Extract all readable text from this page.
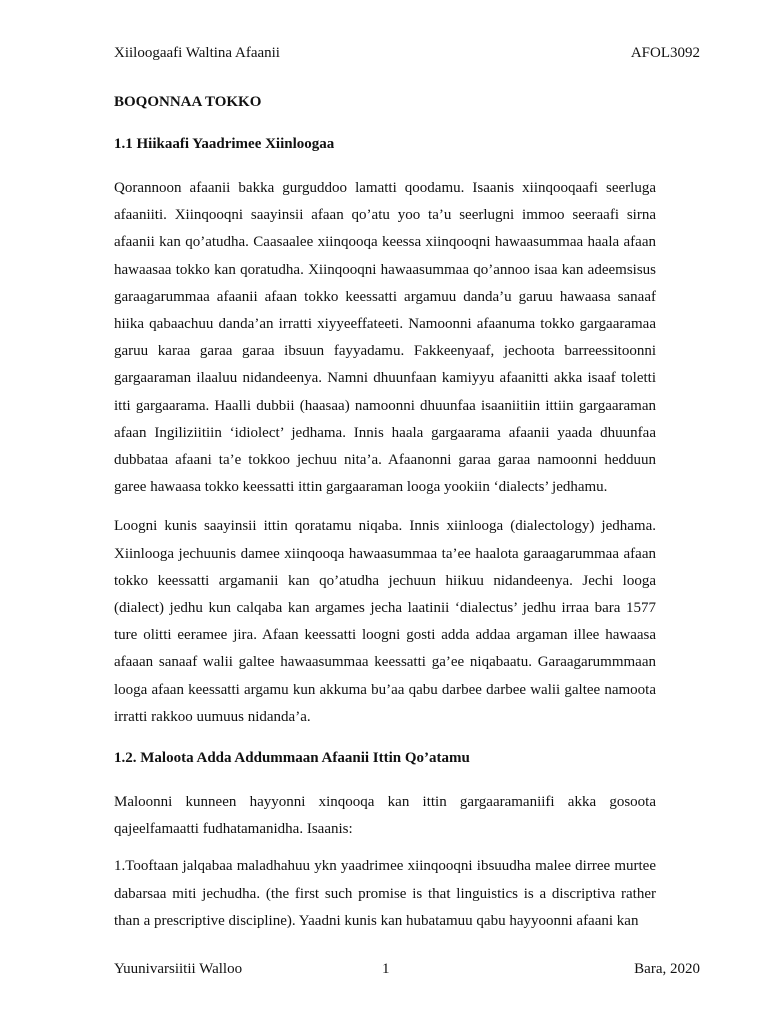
Xiiloogaafi Waltina Afaanii	AFOL3092
BOQONNAA TOKKO
1.1 Hiikaafi Yaadrimee Xiinloogaa

Qorannoon afaanii bakka gurguddoo lamatti qoodamu. Isaanis xiinqooqaafi seerluga afaaniiti. Xiinqooqni saayinsii afaan qo’atu yoo ta’u seerlugni immoo seeraafi sirna afaanii kan qo’atudha. Caasaalee xiinqooqa keessa xiinqooqni hawaasummaa haala afaan hawaasaa tokko kan qoratudha. Xiinqooqni hawaasummaa qo’annoo isaa kan adeemsisus garaagarummaa afaanii afaan tokko keessatti argamuu danda’u garuu hawaasa sanaaf hiika qabaachuu danda’an irratti xiyyeeffateeti. Namoonni afaanuma tokko gargaaramaa garuu karaa garaa garaa ibsuun fayyadamu. Fakkeenyaaf, jechoota barreessitoonni gargaaraman ilaaluu nidandeenya. Namni dhuunfaan kamiyyu afaanitti akka isaaf toletti itti gargaarama. Haalli dubbii (haasaa) namoonni dhuunfaa isaaniitiin ittiin gargaaraman afaan Ingiliziitiin ‘idiolect’ jedhama. Innis haala gargaarama afaanii yaada dhuunfaa dubbataa afaani ta’e tokkoo jechuu nita’a. Afaanonni garaa garaa namoonni hedduun garee hawaasa tokko keessatti ittin gargaaraman looga yookiin ‘dialects’ jedhamu.

Loogni kunis saayinsii ittin qoratamu niqaba. Innis xiinlooga (dialectology) jedhama. Xiinlooga jechuunis damee xiinqooqa hawaasummaa ta’ee haalota garaagarummaa afaan tokko keessatti argamanii kan qo’atudha jechuun hiikuu nidandeenya. Jechi looga (dialect) jedhu kun calqaba kan argames jecha laatinii ‘dialectus’ jedhu irraa bara 1577 ture olitti eeramee jira. Afaan keessatti loogni gosti adda addaa argaman illee hawaasa afaaan sanaaf walii galtee hawaasummaa keessatti ga’ee niqabaatu. Garaagarummmaan looga afaan keessatti argamu kun akkuma bu’aa qabu darbee darbee walii galtee namoota irratti rakkoo uumuus nidanda’a.

1.2. Maloota Adda Addummaan Afaanii Ittin Qo’atamu

Maloonni kunneen hayyonni xinqooqa kan ittin gargaaramaniifi akka gosoota qajeelfamaatti fudhatamanidha. Isaanis:

1.Tooftaan jalqabaa maladhahuu ykn yaadrimee xiinqooqni ibsuudha malee dirree murtee dabarsaa miti jechudha. (the first such promise is that linguistics is a discriptiva rather than a prescriptive discipline). Yaadni kunis kan hubatamuu qabu hayyoonni afaani kan

Yuunivarsiitii Walloo	1	Bara, 2020
